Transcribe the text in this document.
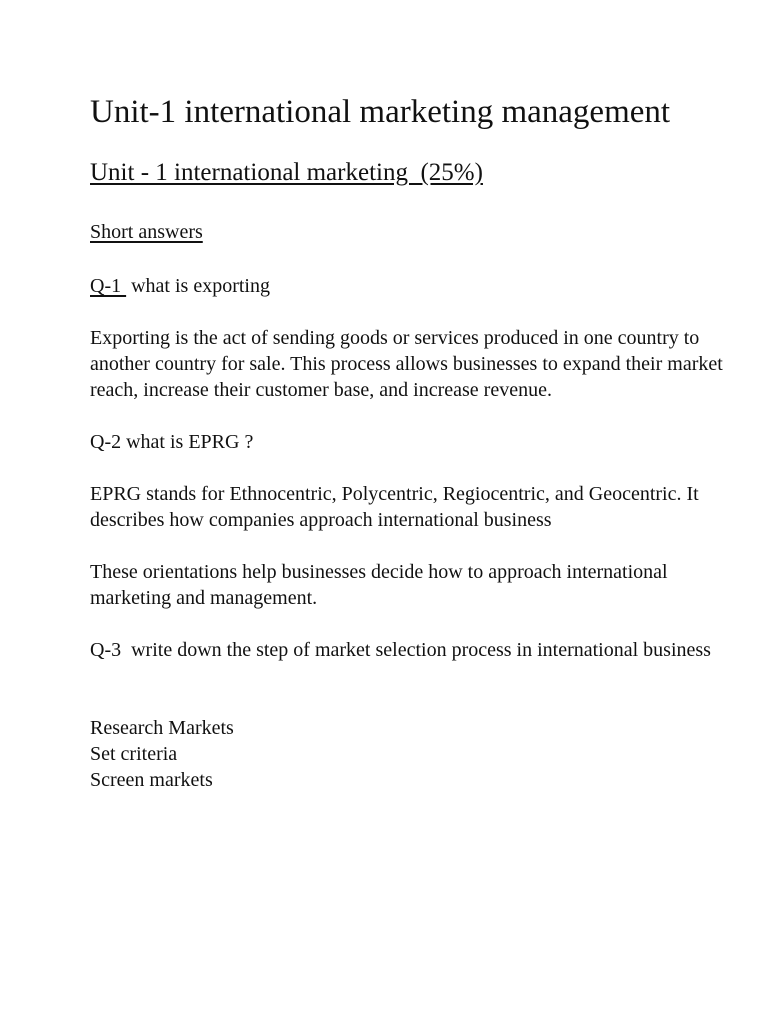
Unit-1 international marketing management
Unit - 1 international marketing  (25%)

Short answers

Q-1  what is exporting

Exporting is the act of sending goods or services produced in one country to another country for sale. This process allows businesses to expand their market reach, increase their customer base, and increase revenue.

Q-2 what is EPRG ?

EPRG stands for Ethnocentric, Polycentric, Regiocentric, and Geocentric. It describes how companies approach international business

These orientations help businesses decide how to approach international marketing and management.

Q-3  write down the step of market selection process in international business

Research Markets

Set criteria

Screen markets
